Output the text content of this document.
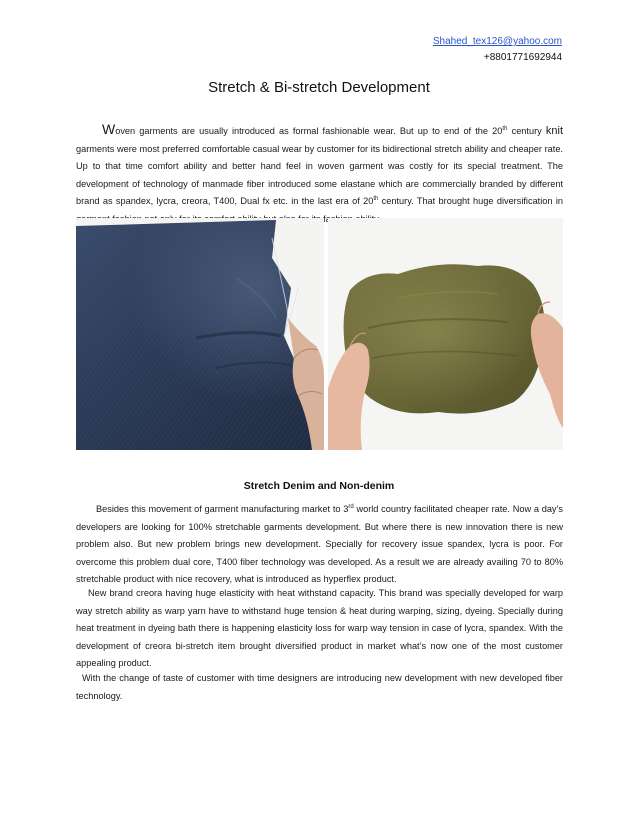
Shahed_tex126@yahoo.com
+8801771692944
Stretch & Bi-stretch Development

Woven garments are usually introduced as formal fashionable wear. But up to end of the 20th century knit garments were most preferred comfortable casual wear by customer for its bidirectional stretch ability and cheaper rate. Up to that time comfort ability and better hand feel in woven garment was costly for its special treatment. The development of technology of manmade fiber introduced some elastane which are commercially branded by different brand as spandex, lycra, creora, T400, Dual fx etc. in the last era of 20th century. That brought huge diversification in

Stretch Denim and Non-denim

Besides this movement of garment manufacturing market to 3rd world country facilitated cheaper rate. Now a day’s developers are looking for 100% stretchable garments development. But where there is new innovation there is new problem also. But new problem brings new development. Specially for recovery issue spandex, lycra is poor. For overcome this problem dual core, T400 fiber technology was developed. As a result we are already availing 70 to 80% stretchable product with nice recovery, what is introduced as hyperflex product.

New brand creora having huge elasticity with heat withstand capacity. This brand was specially developed for warp way stretch ability as warp yarn have to withstand huge tension & heat during warping, sizing, dyeing. Specially during heat treatment in dyeing bath there is happening elasticity loss for warp way tension in case of lycra, spandex. With the development of creora bi-stretch item brought diversified product in market what’s now one of the most customer appealing product.

With the change of taste of customer with time designers are introducing new development with new developed fiber technology.
